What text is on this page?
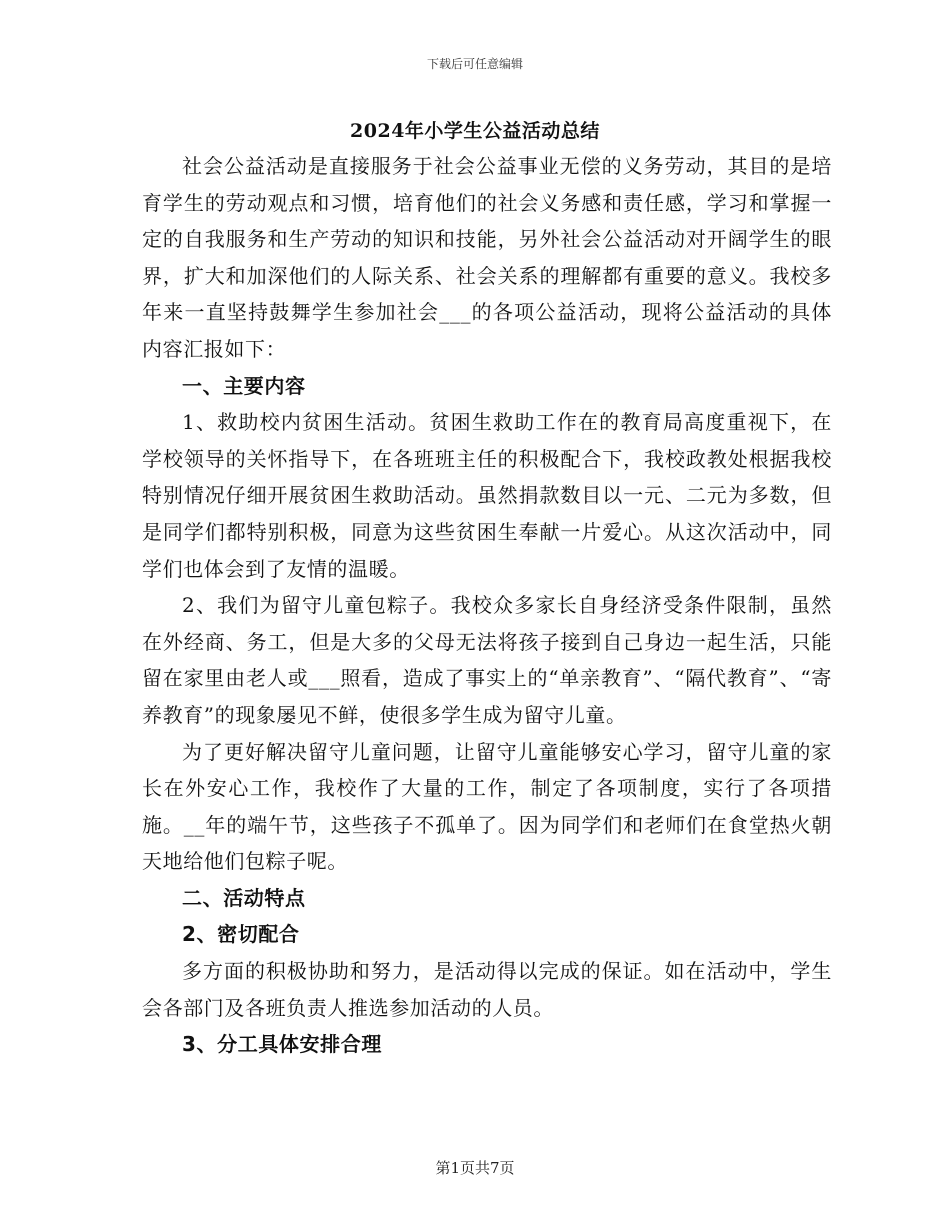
下载后可任意编辑
2024年小学生公益活动总结

社会公益活动是直接服务于社会公益事业无偿的义务劳动，其目的是培育学生的劳动观点和习惯，培育他们的社会义务感和责任感，学习和掌握一定的自我服务和生产劳动的知识和技能，另外社会公益活动对开阔学生的眼界，扩大和加深他们的人际关系、社会关系的理解都有重要的意义。我校多年来一直坚持鼓舞学生参加社会___的各项公益活动，现将公益活动的具体内容汇报如下：

一、主要内容

1、救助校内贫困生活动。贫困生救助工作在的教育局高度重视下，在学校领导的关怀指导下，在各班班主任的积极配合下，我校政教处根据我校特别情况仔细开展贫困生救助活动。虽然捐款数目以一元、二元为多数，但是同学们都特别积极，同意为这些贫困生奉献一片爱心。从这次活动中，同学们也体会到了友情的温暖。

2、我们为留守儿童包粽子。我校众多家长自身经济受条件限制，虽然在外经商、务工，但是大多的父母无法将孩子接到自己身边一起生活，只能留在家里由老人或___照看，造成了事实上的“单亲教育”、“隔代教育”、“寄养教育”的现象屡见不鲜，使很多学生成为留守儿童。

为了更好解决留守儿童问题，让留守儿童能够安心学习，留守儿童的家长在外安心工作，我校作了大量的工作，制定了各项制度，实行了各项措施。__年的端午节，这些孩子不孤单了。因为同学们和老师们在食堂热火朝天地给他们包粽子呢。

二、活动特点

2、密切配合

多方面的积极协助和努力，是活动得以完成的保证。如在活动中，学生会各部门及各班负责人推选参加活动的人员。

3、分工具体安排合理

第1页共7页
